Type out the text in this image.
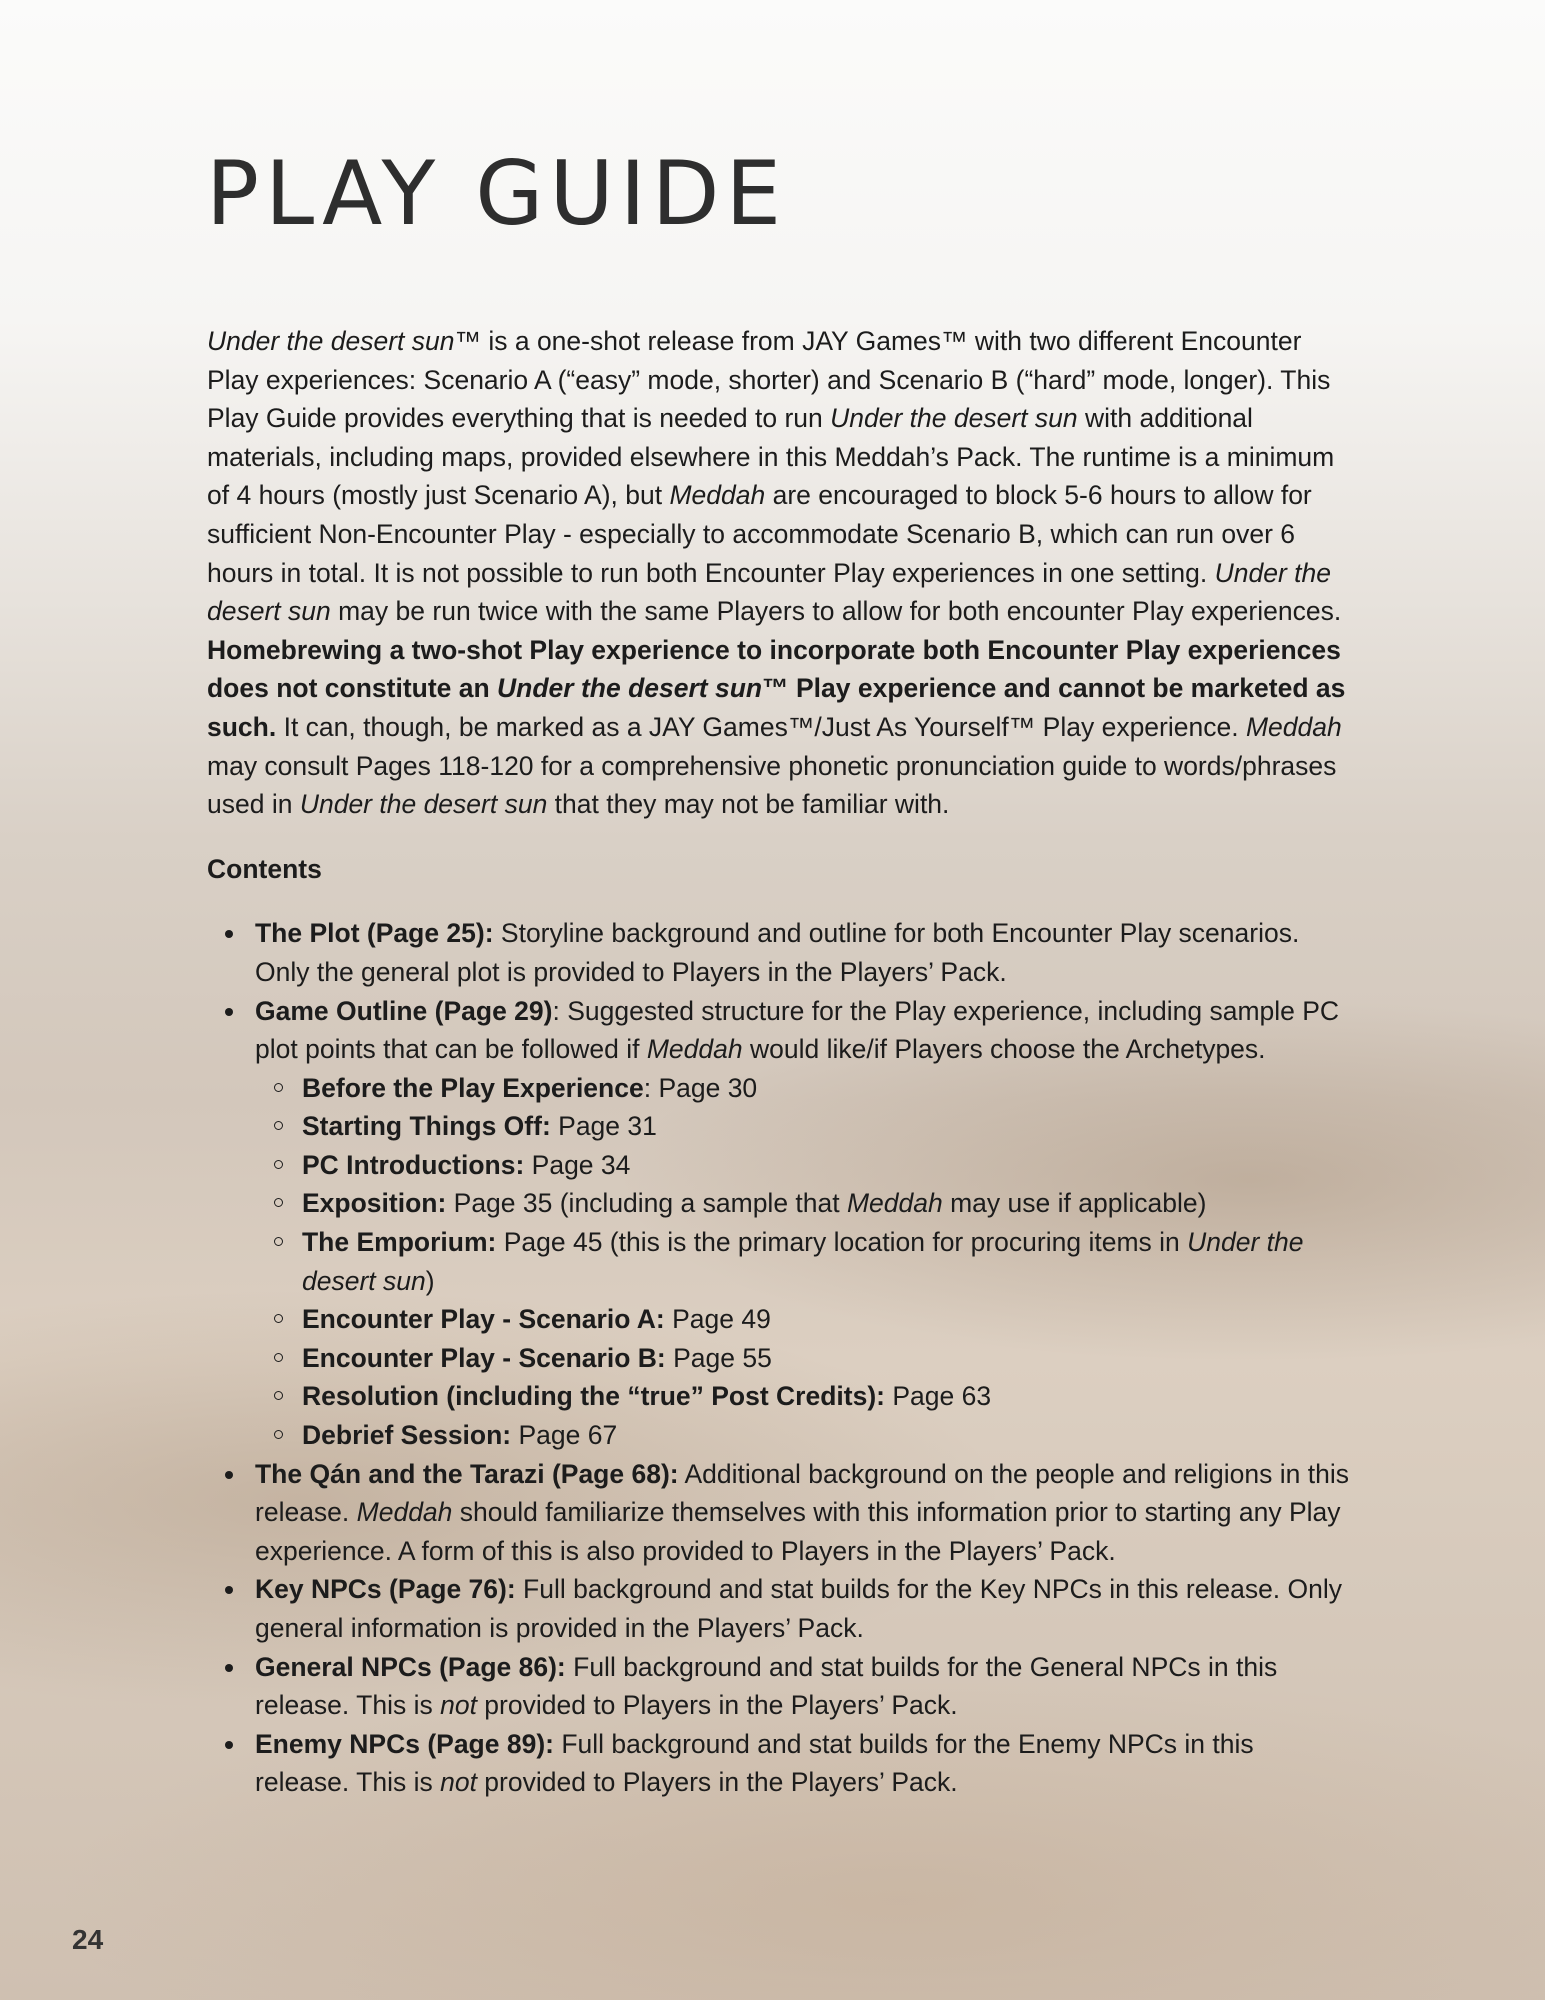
PLAY GUIDE

Under the desert sun™ is a one-shot release from JAY Games™ with two different Encounter Play experiences: Scenario A (“easy” mode, shorter) and Scenario B (“hard” mode, longer). This Play Guide provides everything that is needed to run Under the desert sun with additional materials, including maps, provided elsewhere in this Meddah’s Pack. The runtime is a minimum of 4 hours (mostly just Scenario A), but Meddah are encouraged to block 5-6 hours to allow for sufficient Non-Encounter Play - especially to accommodate Scenario B, which can run over 6 hours in total. It is not possible to run both Encounter Play experiences in one setting. Under the desert sun may be run twice with the same Players to allow for both encounter Play experiences. Homebrewing a two-shot Play experience to incorporate both Encounter Play experiences does not constitute an Under the desert sun™ Play experience and cannot be marketed as such. It can, though, be marked as a JAY Games™/Just As Yourself™ Play experience. Meddah may consult Pages 118-120 for a comprehensive phonetic pronunciation guide to words/phrases used in Under the desert sun that they may not be familiar with.

Contents

The Plot (Page 25): Storyline background and outline for both Encounter Play scenarios. Only the general plot is provided to Players in the Players’ Pack.
Game Outline (Page 29): Suggested structure for the Play experience, including sample PC plot points that can be followed if Meddah would like/if Players choose the Archetypes.
Before the Play Experience: Page 30
Starting Things Off: Page 31
PC Introductions: Page 34
Exposition: Page 35 (including a sample that Meddah may use if applicable)
The Emporium: Page 45 (this is the primary location for procuring items in Under the desert sun)
Encounter Play - Scenario A: Page 49
Encounter Play - Scenario B: Page 55
Resolution (including the “true” Post Credits): Page 63
Debrief Session: Page 67
The Qán and the Tarazi (Page 68): Additional background on the people and religions in this release. Meddah should familiarize themselves with this information prior to starting any Play experience. A form of this is also provided to Players in the Players’ Pack.
Key NPCs (Page 76): Full background and stat builds for the Key NPCs in this release. Only general information is provided in the Players’ Pack.
General NPCs (Page 86): Full background and stat builds for the General NPCs in this release. This is not provided to Players in the Players’ Pack.
Enemy NPCs (Page 89): Full background and stat builds for the Enemy NPCs in this release. This is not provided to Players in the Players’ Pack.
24
